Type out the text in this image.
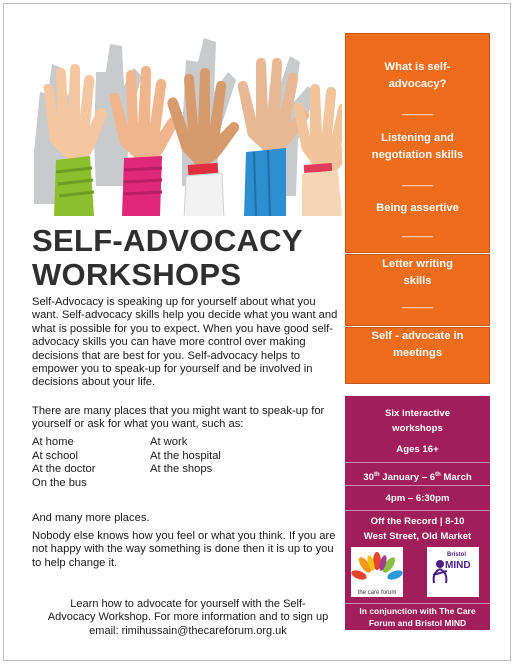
SELF-ADVOCACY
WORKSHOPS
Self-Advocacy is speaking up for yourself about what you want. Self-advocacy skills help you decide what you want and what is possible for you to expect. When you have good self-advocacy skills you can have more control over making decisions that are best for you. Self-advocacy helps to empower you to speak-up for yourself and be involved in decisions about your life.
There are many places that you might want to speak-up for yourself or ask for what you want, such as:
At home	At work
At school	At the hospital
At the doctor	At the shops
On the bus
And many more places.
Nobody else knows how you feel or what you think. If you are not happy with the way something is done then it is up to you to help change it.
Learn how to advocate for yourself with the Self-
Advocacy Workshop. For more information and to sign up
email: rimihussain@thecareforum.org.uk
What is self-
advocacy?
_____
Listening and
negotiation skills
_____
Being assertive
_____
Letter writing
skills
_____
Self - advocate in
meetings
Six interactive
workshops
Ages 16+
30th January – 6th March
4pm – 6:30pm
Off the Record | 8-10
West Street, Old Market
the care forum
Bristol
MIND
In conjunction with The Care
Forum and Bristol MIND
